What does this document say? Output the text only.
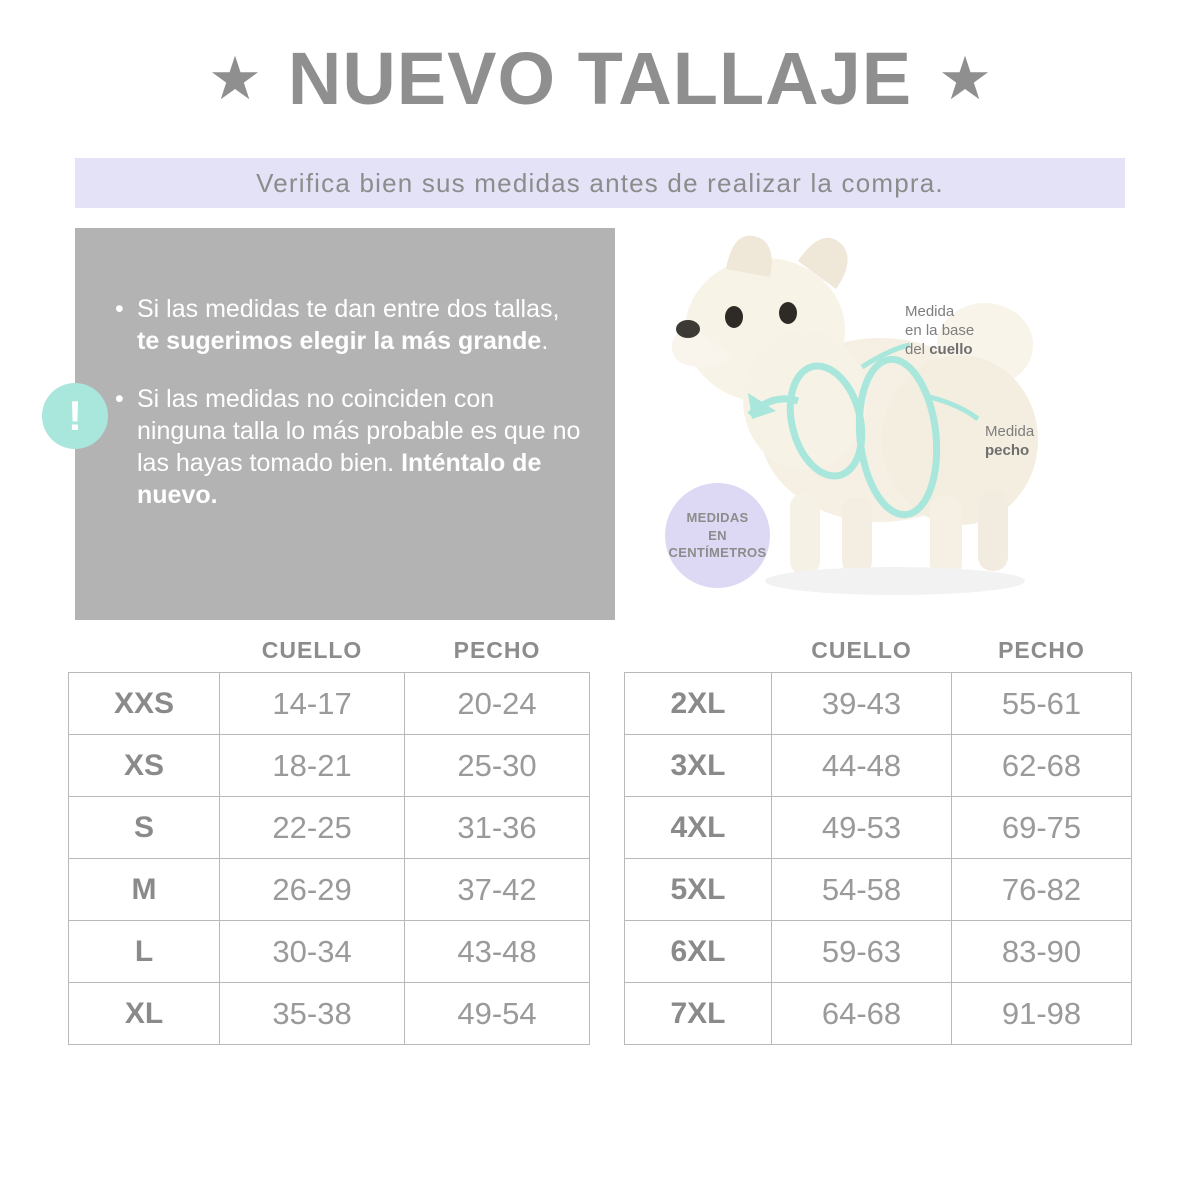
★ NUEVO TALLAJE ★
Verifica bien sus medidas antes de realizar la compra.

• Si las medidas te dan entre dos tallas, te sugerimos elegir la más grande.

• Si las medidas no coinciden con ninguna talla lo más probable es que no las hayas tomado bien. Inténtalo de nuevo.

!
Medida
en la base
del cuello
Medida
pecho
MEDIDAS
EN
CENTÍMETROS
	CUELLO	PECHO
XXS	14-17	20-24
XS	18-21	25-30
S	22-25	31-36
M	26-29	37-42
L	30-34	43-48
XL	35-38	49-54
	CUELLO	PECHO
2XL	39-43	55-61
3XL	44-48	62-68
4XL	49-53	69-75
5XL	54-58	76-82
6XL	59-63	83-90
7XL	64-68	91-98
